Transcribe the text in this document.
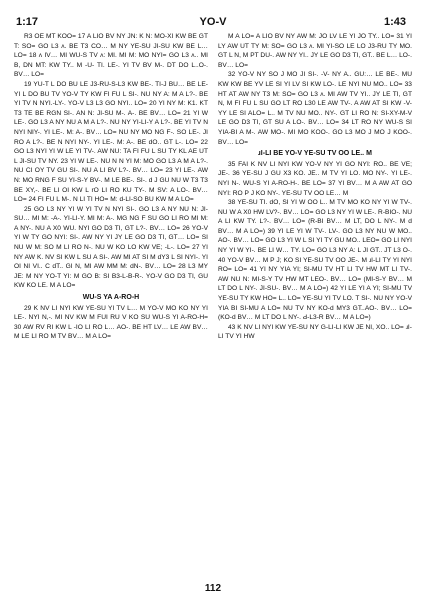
1:17	YO-V	1:43

R3 OE MT KOO= 17 A LIO BV NY JN: K N: MO-XI KW BE GT T: SO= GO L3 ʌ. BE T3 CO… M NY YE-SU JI-SU KW BE L… LO= 18 ʌ IV… MI WU-S TV ʌ: MI. MI M: MO NYI= GO L3 ʌ.. MI B, DN MT: KW TY.. M -U- TI. LE-. YI TV BV M-. DT DO L..O-. BV… LO=

19 YU-T L DO BU LE J3-RU-S-L3 KW BE-. TI-J BU… BE LE-YI L DO BU TV YO-V TY KW FI FU L SI-. NU NY A: M A L?-. BE YI TV N NYI.-LY-. YO-V L3 L3 GO NYI.. LO= 20 YI NY M: K1. KT T3 TE BE RGN SI-. AN N: JI-SU M-. A-. BE BV… LO= 21 YI W LE-. GO L3 A NY NU A M A L?-. NU NY YI-LI-Y A L?-. BE YI TV N NYI NIY-. YI LE-. M: A-. BV… LO= NU NY MO NG F-. SO LE-. JI RO A L?-. BE N NYI NY-. YI LE-. M: A-. BE dO.. GT L-. LO= 22 GO L3 NYI YI W LE YI TV-. AW NU: TA FI FU L SU TY KL AE UT L JI-SU TV NY. 23 YI W LE-. NU N N YI M: MO GO L3 A M A L?-. NU CI OY TV GU SI-. NU A LI BV L?-. BV… LO= 23 YI LE-. AW N: MO RNG F SU YI-S-Y BV-. M LE BE-. SI-. d J GU NU W T3 T3 BE XY,-. BE LI OI KW L rO LI RO KU TY-. M SV: A LO-. BV… LO= 24 FI FU L M-. N LI TI HO= M: d-LI-SO BU KW M A LO=

25 GO L3 NY YI W YI TV N NYI SI-. GO L3 A NY NU N: JI-SU… MI M: -A-. YI-LI-Y. MI M: A-. MG NG F SU GO LI RO MI M: A NY-. NU A X0 WU. NYI GO D3 TI, GT L?-. BV… LO= 26 YO-V YI W TY GO NYI: SI-. AW NY YI JY LE GO D3 TI, GT… LO= SI NU W M: SO M LI RO N-. NU W KO LO KW VE; -L-. LO= 27 YI NY AW K. NV SI KW L SU A SI-. AW MI AT SI M dY3 L SI NYI-. YI OI NI VI.. C dT.. GI N, MI AW MM M: dN-. BV… LO= 28 L3 MY JE: M NY YO-T YI: M GO B: SI B3-L-B-R-. YO-V GO D3 TI, GU KW KO LE. M A LO=

WU-S YA A-RO-H

29 K NV LI NYI KW YE-SU YI TV L… M YO-V MO KO NY YI LE-. NYI N,-. MI NV KW M FUI RU V KO SU WU-S YI A-RO-H= 30 AW RV RI KW L -IO LI RO L… AO-. BE HT LV… LE AW BV… M LE LI RO M TV BV… M A LO=

M A LO= A LIO BV NY AW M: JO LV LE YI JO TY.. LO= 31 YI LY AW UT TY M: SO= GO L3 ʌ. MI YI-SO LE LO J3-RU TY MO. GT L N, M PT DU-. AW NY YI.. JY LE GO D3 TI, GT.. BE L… LO-. BV… LO=

32 YO-V NY SO J MO JI SI-. -V- NY A.. GU:… LE BE-. MU KW KW BE YV LE SI YI LV SI KW LO-. LE NYI NU MO.. LO= 33 HT AT AW NY T3 M: SO= GO L3 ʌ. MI AW TV YI.. JY LE TI, GT N, M FI FU L SU GO LT RO L30 LE AW TV-. A AW AT SI KW -V- YY LE SI ALO= L.. M TV NU MO.. NY-. GT LI RO N: SI-XY-M-V LE GO D3 TI, GT SU A LO-. BV… LO= 34 LT RO NY WU-S SI YIA-BI A M-. AW MO-. MI MO KOO-. GO L3 MO J MO J KOO-. BV… LO=

ɹI-LI BE YO-V YE-SU TV OO LE.. M

35 FAI K NV LI NYI KW YO-V NY YI GO NYI: RO.. BE VE; JE-. 36 YE-SU J GU X3 KO. JE.. M TV YI LO. MO NY-. YI LE-. NYI N-. WU-S YI A-RO-H-. BE LO= 37 YI BV… M A AW AT GO NYI: RO P J KO NY-. YE-SU TV OO LE… M

38 YE-SU TI. dO, SI YI W OO L.. M TV MO KO NY YI W TV-. NU W A X0 HW LV?-. BV… LO= GO L3 NY YI W LE-. R-BIO-. NU A LI KW TY. L?-. BV… LO= (R-BI BV… M LT, DO L NY-. M d BV… M A LO=) 39 YI LE YI W TV-. LV-. GO L3 NY NU W MO.. AO-. BV… LO= GO L3 YI W L SI YI TY GU MO.. LEO= GO LI NYI NY YI W YI-. BE LI W… TY. LO= GO L3 NY A: L JI GT.. JT L3 O-. 40 YO-V BV… M P J; KO SI YE-SU TV OO JE-. M ɹI-LI TY YI NYI RO= LO= 41 YI NY YIA YI; SI-MU TV HT LI TV HW MT LI TV-. AW NU N: MI-S-Y TV HW MT LEO-. BV… LO= (MI-S-Y BV… M LT DO L NY-. JI-SU-. BV… M A LO=) 42 YI LE YI A YI; SI-MU TV YE-SU TY KW HO= L.. LO= YE-SU YI TV LO. T SI-. NU NY YO-V YIA BI SI-MU A LO= NU TV NY KO-d MY3 GT..AO-. BV… LO= (KO-d BV… M LT DO L NY-. Ԁ-L3-R BV… M A LO=)

43 K NV LI NYI KW YE-SU NY G-LI-LI KW JE NI, XO.. LO= ɹI-LI TV YI HW

112
